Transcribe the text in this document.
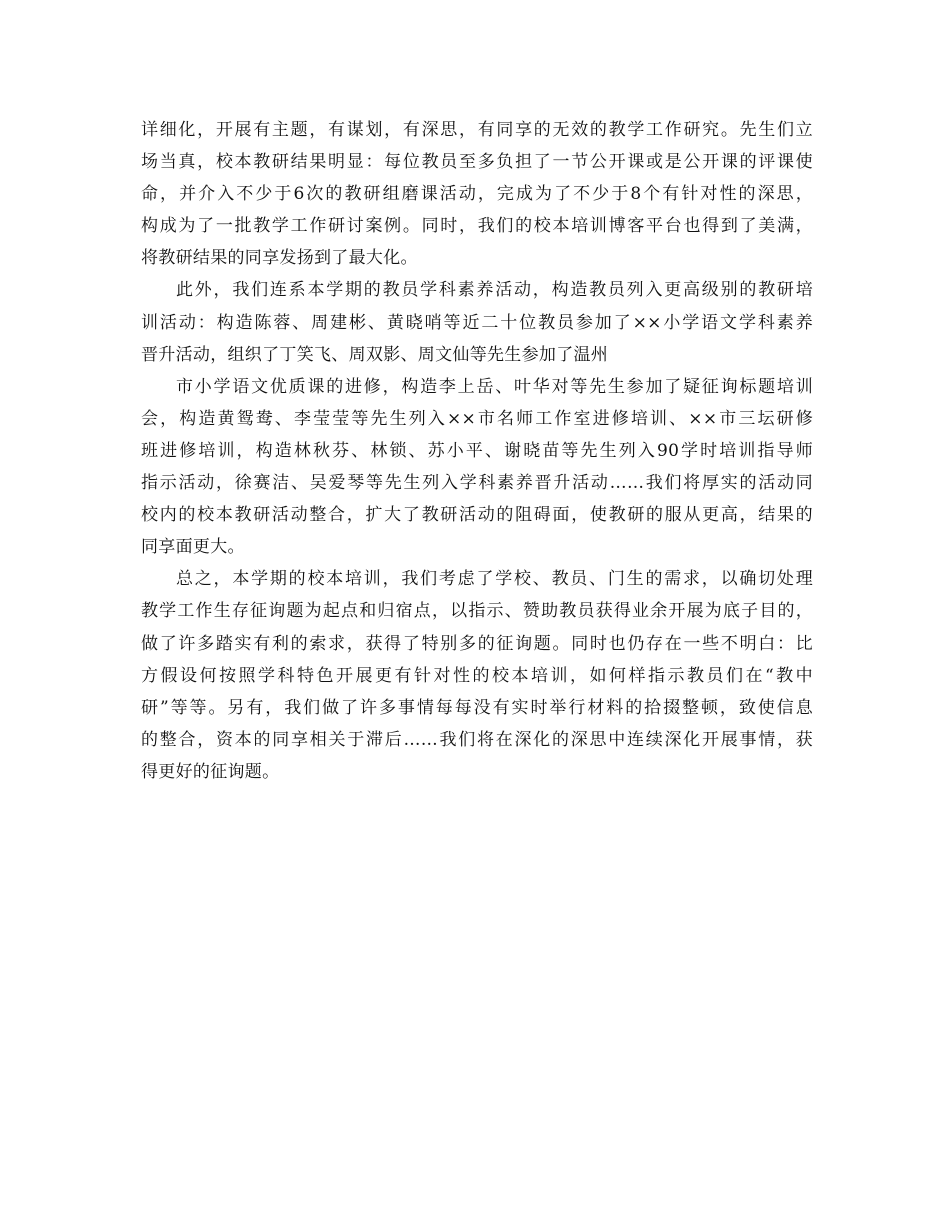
详细化，开展有主题，有谋划，有深思，有同享的无效的教学工作研究。先生们立
场当真，校本教研结果明显：每位教员至多负担了一节公开课或是公开课的评课使
命，并介入不少于6次的教研组磨课活动，完成为了不少于8个有针对性的深思，
构成为了一批教学工作研讨案例。同时，我们的校本培训博客平台也得到了美满，
将教研结果的同享发扬到了最大化。
此外，我们连系本学期的教员学科素养活动，构造教员列入更高级别的教研培
训活动：构造陈蓉、周建彬、黄晓哨等近二十位教员参加了××小学语文学科素养
晋升活动，组织了丁笑飞、周双影、周文仙等先生参加了温州
市小学语文优质课的进修，构造李上岳、叶华对等先生参加了疑征询标题培训
会，构造黄鸳鸯、李莹莹等先生列入××市名师工作室进修培训、××市三坛研修
班进修培训，构造林秋芬、林锁、苏小平、谢晓苗等先生列入90学时培训指导师
指示活动，徐赛洁、吴爱琴等先生列入学科素养晋升活动……我们将厚实的活动同
校内的校本教研活动整合，扩大了教研活动的阻碍面，使教研的服从更高，结果的
同享面更大。
总之，本学期的校本培训，我们考虑了学校、教员、门生的需求，以确切处理
教学工作生存征询题为起点和归宿点，以指示、赞助教员获得业余开展为底子目的，
做了许多踏实有利的索求，获得了特别多的征询题。同时也仍存在一些不明白：比
方假设何按照学科特色开展更有针对性的校本培训，如何样指示教员们在“教中
研”等等。另有，我们做了许多事情每每没有实时举行材料的拾掇整顿，致使信息
的整合，资本的同享相关于滞后……我们将在深化的深思中连续深化开展事情，获
得更好的征询题。
